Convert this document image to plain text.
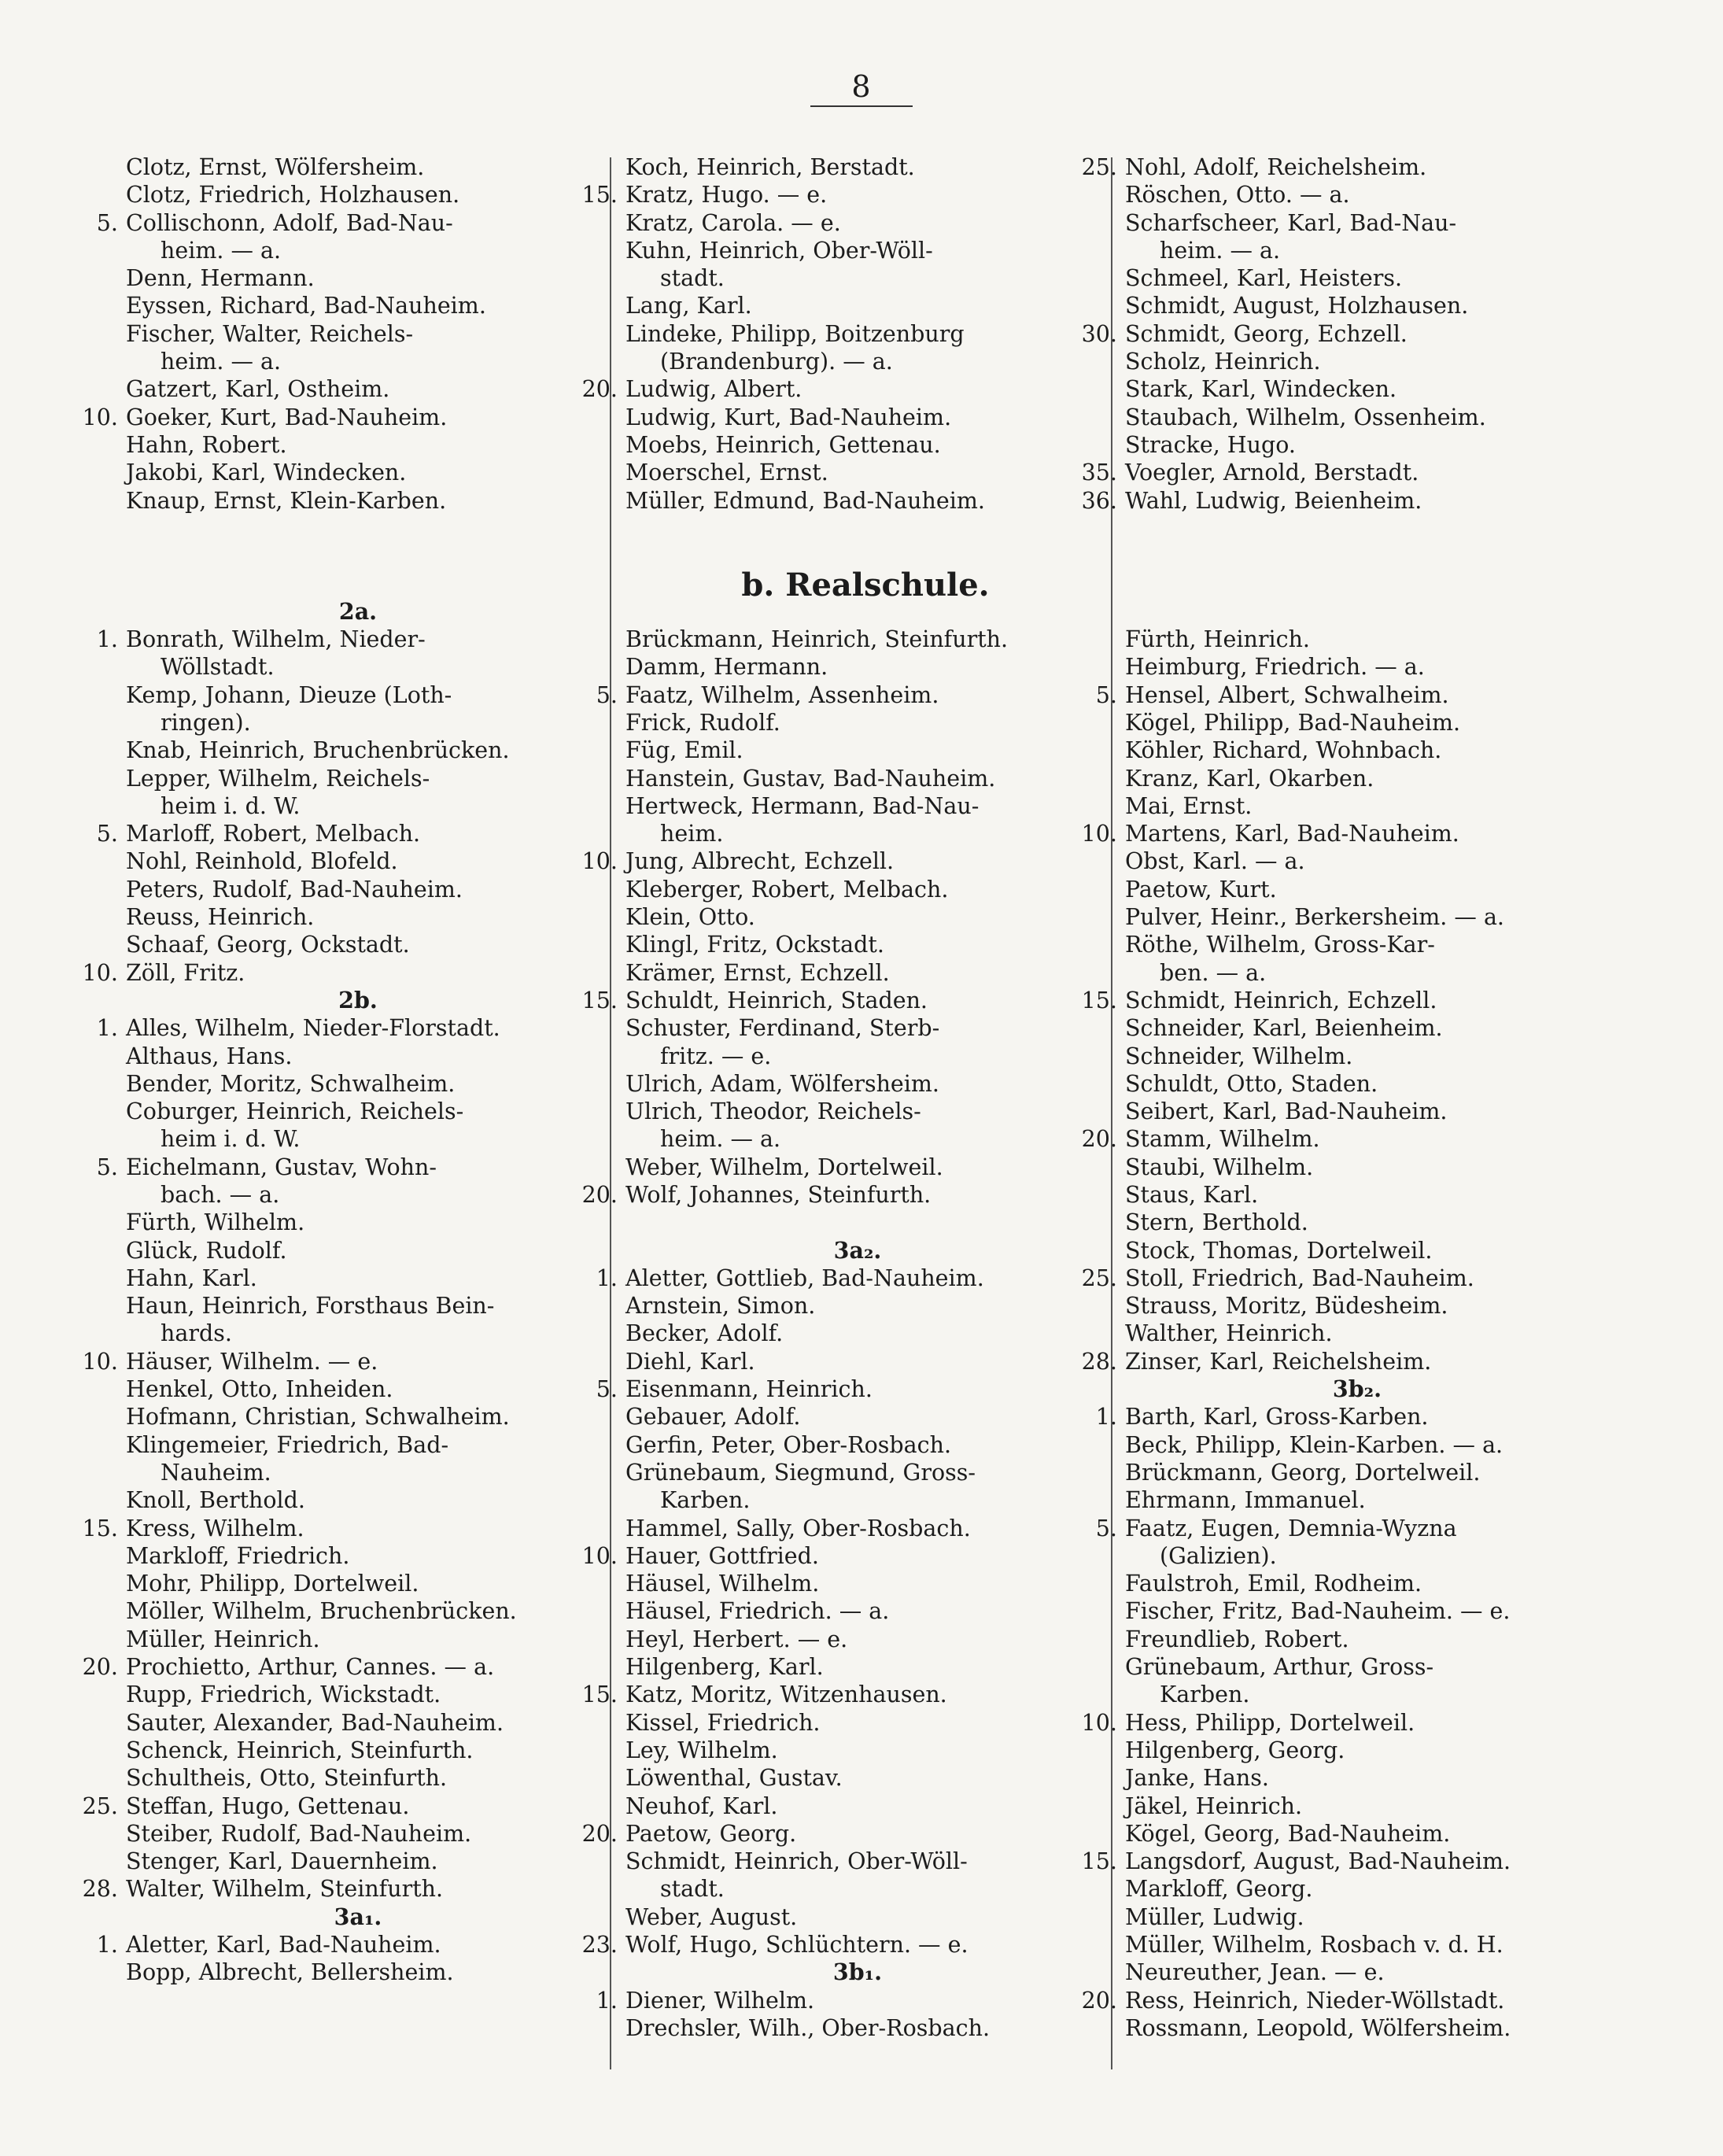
8
b. Realschule.
Clotz, Ernst, Wölfersheim.
Clotz, Friedrich, Holzhausen.
5. Collischonn, Adolf, Bad-Nau-
heim. — a.
Denn, Hermann.
Eyssen, Richard, Bad-Nauheim.
Fischer, Walter, Reichels-
heim. — a.
Gatzert, Karl, Ostheim.
10. Goeker, Kurt, Bad-Nauheim.
Hahn, Robert.
Jakobi, Karl, Windecken.
Knaup, Ernst, Klein-Karben.
2a.
1. Bonrath, Wilhelm, Nieder-
Wöllstadt.
Kemp, Johann, Dieuze (Loth-
ringen).
Knab, Heinrich, Bruchenbrücken.
Lepper, Wilhelm, Reichels-
heim i. d. W.
5. Marloff, Robert, Melbach.
Nohl, Reinhold, Blofeld.
Peters, Rudolf, Bad-Nauheim.
Reuss, Heinrich.
Schaaf, Georg, Ockstadt.
10. Zöll, Fritz.
2b.
1. Alles, Wilhelm, Nieder-Florstadt.
Althaus, Hans.
Bender, Moritz, Schwalheim.
Coburger, Heinrich, Reichels-
heim i. d. W.
5. Eichelmann, Gustav, Wohn-
bach. — a.
Fürth, Wilhelm.
Glück, Rudolf.
Hahn, Karl.
Haun, Heinrich, Forsthaus Bein-
hards.
10. Häuser, Wilhelm. — e.
Henkel, Otto, Inheiden.
Hofmann, Christian, Schwalheim.
Klingemeier, Friedrich, Bad-
Nauheim.
Knoll, Berthold.
15. Kress, Wilhelm.
Markloff, Friedrich.
Mohr, Philipp, Dortelweil.
Möller, Wilhelm, Bruchenbrücken.
Müller, Heinrich.
20. Prochietto, Arthur, Cannes. — a.
Rupp, Friedrich, Wickstadt.
Sauter, Alexander, Bad-Nauheim.
Schenck, Heinrich, Steinfurth.
Schultheis, Otto, Steinfurth.
25. Steffan, Hugo, Gettenau.
Steiber, Rudolf, Bad-Nauheim.
Stenger, Karl, Dauernheim.
28. Walter, Wilhelm, Steinfurth.
3a₁.
1. Aletter, Karl, Bad-Nauheim.
Bopp, Albrecht, Bellersheim.
Koch, Heinrich, Berstadt.
15. Kratz, Hugo. — e.
Kratz, Carola. — e.
Kuhn, Heinrich, Ober-Wöll-
stadt.
Lang, Karl.
Lindeke, Philipp, Boitzenburg
(Brandenburg). — a.
20. Ludwig, Albert.
Ludwig, Kurt, Bad-Nauheim.
Moebs, Heinrich, Gettenau.
Moerschel, Ernst.
Müller, Edmund, Bad-Nauheim.
Brückmann, Heinrich, Steinfurth.
Damm, Hermann.
5. Faatz, Wilhelm, Assenheim.
Frick, Rudolf.
Füg, Emil.
Hanstein, Gustav, Bad-Nauheim.
Hertweck, Hermann, Bad-Nau-
heim.
10. Jung, Albrecht, Echzell.
Kleberger, Robert, Melbach.
Klein, Otto.
Klingl, Fritz, Ockstadt.
Krämer, Ernst, Echzell.
15. Schuldt, Heinrich, Staden.
Schuster, Ferdinand, Sterb-
fritz. — e.
Ulrich, Adam, Wölfersheim.
Ulrich, Theodor, Reichels-
heim. — a.
Weber, Wilhelm, Dortelweil.
20. Wolf, Johannes, Steinfurth.
3a₂.
1. Aletter, Gottlieb, Bad-Nauheim.
Arnstein, Simon.
Becker, Adolf.
Diehl, Karl.
5. Eisenmann, Heinrich.
Gebauer, Adolf.
Gerfin, Peter, Ober-Rosbach.
Grünebaum, Siegmund, Gross-
Karben.
Hammel, Sally, Ober-Rosbach.
10. Hauer, Gottfried.
Häusel, Wilhelm.
Häusel, Friedrich. — a.
Heyl, Herbert. — e.
Hilgenberg, Karl.
15. Katz, Moritz, Witzenhausen.
Kissel, Friedrich.
Ley, Wilhelm.
Löwenthal, Gustav.
Neuhof, Karl.
20. Paetow, Georg.
Schmidt, Heinrich, Ober-Wöll-
stadt.
Weber, August.
23. Wolf, Hugo, Schlüchtern. — e.
3b₁.
1. Diener, Wilhelm.
Drechsler, Wilh., Ober-Rosbach.
25. Nohl, Adolf, Reichelsheim.
Röschen, Otto. — a.
Scharfscheer, Karl, Bad-Nau-
heim. — a.
Schmeel, Karl, Heisters.
Schmidt, August, Holzhausen.
30. Schmidt, Georg, Echzell.
Scholz, Heinrich.
Stark, Karl, Windecken.
Staubach, Wilhelm, Ossenheim.
Stracke, Hugo.
35. Voegler, Arnold, Berstadt.
36. Wahl, Ludwig, Beienheim.
Fürth, Heinrich.
Heimburg, Friedrich. — a.
5. Hensel, Albert, Schwalheim.
Kögel, Philipp, Bad-Nauheim.
Köhler, Richard, Wohnbach.
Kranz, Karl, Okarben.
Mai, Ernst.
10. Martens, Karl, Bad-Nauheim.
Obst, Karl. — a.
Paetow, Kurt.
Pulver, Heinr., Berkersheim. — a.
Röthe, Wilhelm, Gross-Kar-
ben. — a.
15. Schmidt, Heinrich, Echzell.
Schneider, Karl, Beienheim.
Schneider, Wilhelm.
Schuldt, Otto, Staden.
Seibert, Karl, Bad-Nauheim.
20. Stamm, Wilhelm.
Staubi, Wilhelm.
Staus, Karl.
Stern, Berthold.
Stock, Thomas, Dortelweil.
25. Stoll, Friedrich, Bad-Nauheim.
Strauss, Moritz, Büdesheim.
Walther, Heinrich.
28. Zinser, Karl, Reichelsheim.
3b₂.
1. Barth, Karl, Gross-Karben.
Beck, Philipp, Klein-Karben. — a.
Brückmann, Georg, Dortelweil.
Ehrmann, Immanuel.
5. Faatz, Eugen, Demnia-Wyzna
(Galizien).
Faulstroh, Emil, Rodheim.
Fischer, Fritz, Bad-Nauheim. — e.
Freundlieb, Robert.
Grünebaum, Arthur, Gross-
Karben.
10. Hess, Philipp, Dortelweil.
Hilgenberg, Georg.
Janke, Hans.
Jäkel, Heinrich.
Kögel, Georg, Bad-Nauheim.
15. Langsdorf, August, Bad-Nauheim.
Markloff, Georg.
Müller, Ludwig.
Müller, Wilhelm, Rosbach v. d. H.
Neureuther, Jean. — e.
20. Ress, Heinrich, Nieder-Wöllstadt.
Rossmann, Leopold, Wölfersheim.
